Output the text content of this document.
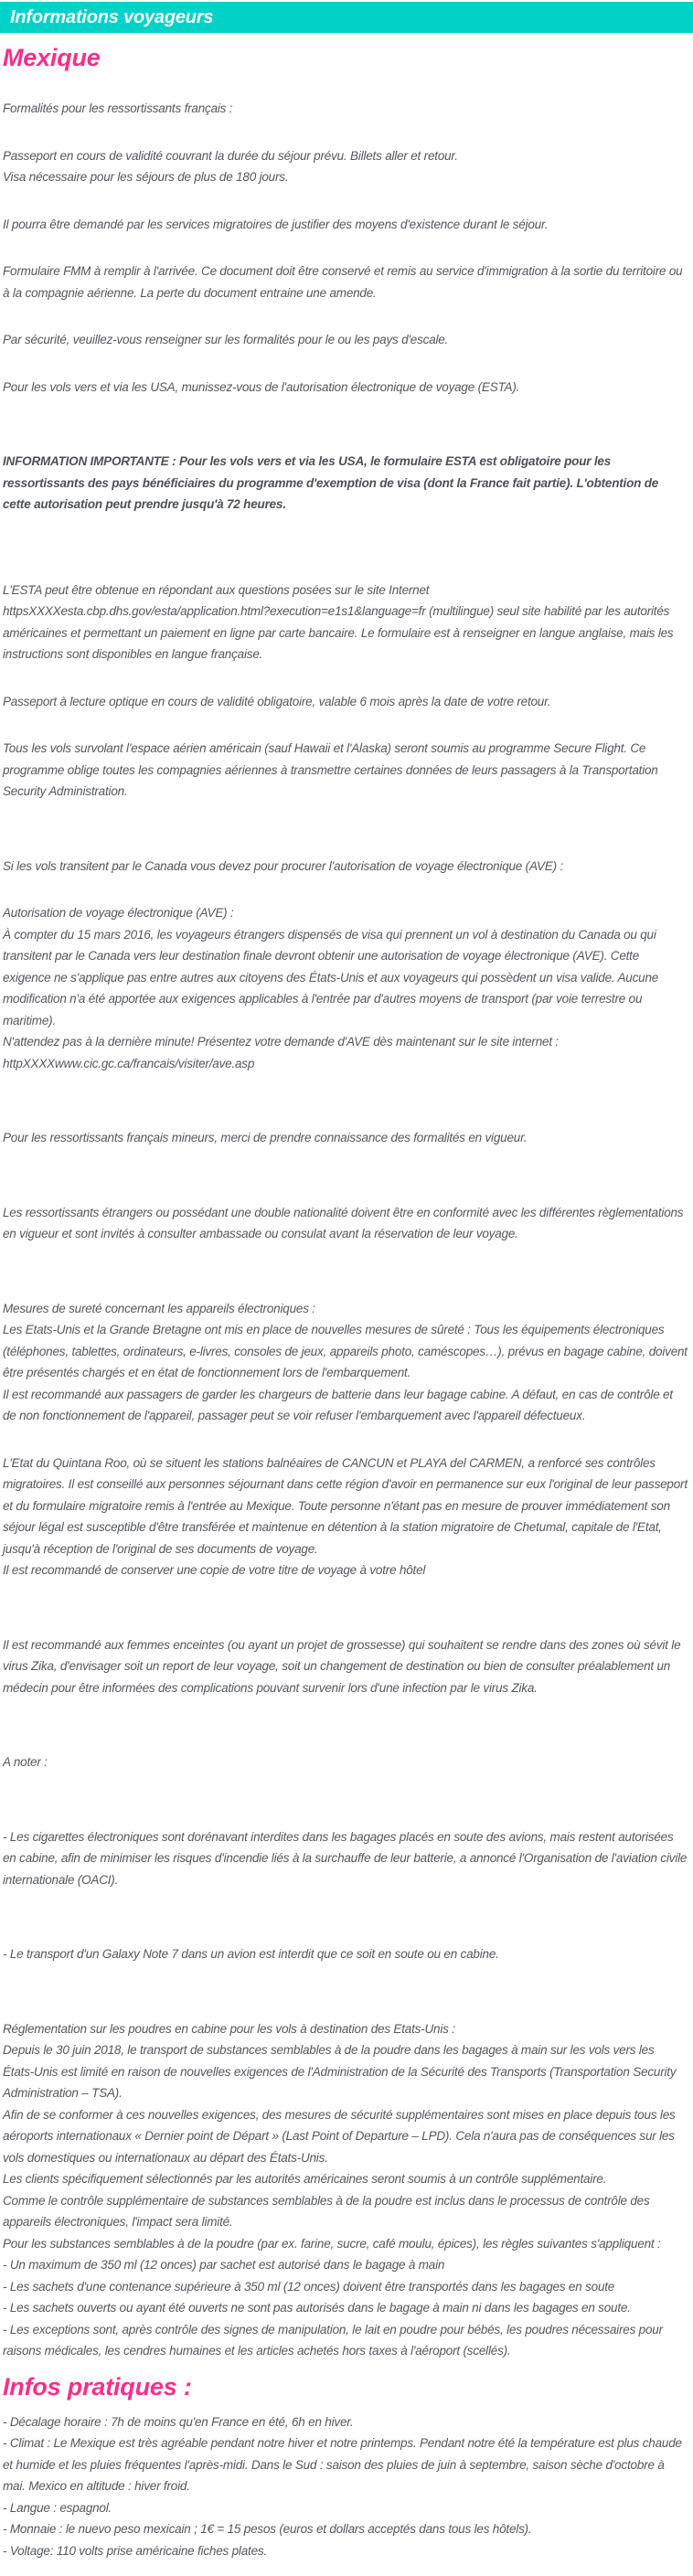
Informations voyageurs
Mexique

Formalités pour les ressortissants français :

Passeport en cours de validité couvrant la durée du séjour prévu. Billets aller et retour.
Visa nécessaire pour les séjours de plus de 180 jours.

Il pourra être demandé par les services migratoires de justifier des moyens d'existence durant le séjour.

Formulaire FMM à remplir à l'arrivée. Ce document doit être conservé et remis au service d'immigration à la sortie du territoire ou à la compagnie aérienne. La perte du document entraine une amende.

Par sécurité, veuillez-vous renseigner sur les formalités pour le ou les pays d'escale.

Pour les vols vers et via les USA, munissez-vous de l'autorisation électronique de voyage (ESTA).

INFORMATION IMPORTANTE : Pour les vols vers et via les USA, le formulaire ESTA est obligatoire pour les ressortissants des pays bénéficiaires du programme d'exemption de visa (dont la France fait partie). L'obtention de cette autorisation peut prendre jusqu'à 72 heures.

L'ESTA peut être obtenue en répondant aux questions posées sur le site Internet httpsXXXXesta.cbp.dhs.gov/esta/application.html?execution=e1s1&language=fr (multilingue) seul site habilité par les autorités américaines et permettant un paiement en ligne par carte bancaire. Le formulaire est à renseigner en langue anglaise, mais les instructions sont disponibles en langue française.

Passeport à lecture optique en cours de validité obligatoire, valable 6 mois après la date de votre retour.

Tous les vols survolant l'espace aérien américain (sauf Hawaii et l'Alaska) seront soumis au programme Secure Flight. Ce programme oblige toutes les compagnies aériennes à transmettre certaines données de leurs passagers à la Transportation Security Administration.

Si les vols transitent par le Canada vous devez pour procurer l'autorisation de voyage électronique (AVE) :

Autorisation de voyage électronique (AVE) :
À compter du 15 mars 2016, les voyageurs étrangers dispensés de visa qui prennent un vol à destination du Canada ou qui transitent par le Canada vers leur destination finale devront obtenir une autorisation de voyage électronique (AVE). Cette exigence ne s'applique pas entre autres aux citoyens des États-Unis et aux voyageurs qui possèdent un visa valide. Aucune modification n'a été apportée aux exigences applicables à l'entrée par d'autres moyens de transport (par voie terrestre ou maritime).
N'attendez pas à la dernière minute! Présentez votre demande d'AVE dès maintenant sur le site internet : httpXXXXwww.cic.gc.ca/francais/visiter/ave.asp

Pour les ressortissants français mineurs, merci de prendre connaissance des formalités en vigueur.

Les ressortissants étrangers ou possédant une double nationalité doivent être en conformité avec les différentes règlementations en vigueur et sont invités à consulter ambassade ou consulat avant la réservation de leur voyage.

Mesures de sureté concernant les appareils électroniques :
Les Etats-Unis et la Grande Bretagne ont mis en place de nouvelles mesures de sûreté : Tous les équipements électroniques (téléphones, tablettes, ordinateurs, e-livres, consoles de jeux, appareils photo, caméscopes…), prévus en bagage cabine, doivent être présentés chargés et en état de fonctionnement lors de l'embarquement.
Il est recommandé aux passagers de garder les chargeurs de batterie dans leur bagage cabine. A défaut, en cas de contrôle et de non fonctionnement de l'appareil, passager peut se voir refuser l'embarquement avec l'appareil défectueux.

L'Etat du Quintana Roo, où se situent les stations balnéaires de CANCUN et PLAYA del CARMEN, a renforcé ses contrôles migratoires. Il est conseillé aux personnes séjournant dans cette région d'avoir en permanence sur eux l'original de leur passeport et du formulaire migratoire remis à l'entrée au Mexique. Toute personne n'étant pas en mesure de prouver immédiatement son séjour légal est susceptible d'être transférée et maintenue en détention à la station migratoire de Chetumal, capitale de l'Etat, jusqu'à réception de l'original de ses documents de voyage.
Il est recommandé de conserver une copie de votre titre de voyage à votre hôtel

Il est recommandé aux femmes enceintes (ou ayant un projet de grossesse) qui souhaitent se rendre dans des zones où sévit le virus Zika, d'envisager soit un report de leur voyage, soit un changement de destination ou bien de consulter préalablement un médecin pour être informées des complications pouvant survenir lors d'une infection par le virus Zika.

A noter :

- Les cigarettes électroniques sont dorénavant interdites dans les bagages placés en soute des avions, mais restent autorisées en cabine, afin de minimiser les risques d'incendie liés à la surchauffe de leur batterie, a annoncé l'Organisation de l'aviation civile internationale (OACI).

- Le transport d'un Galaxy Note 7 dans un avion est interdit que ce soit en soute ou en cabine.

Réglementation sur les poudres en cabine pour les vols à destination des Etats-Unis :
Depuis le 30 juin 2018, le transport de substances semblables à de la poudre dans les bagages à main sur les vols vers les États-Unis est limité en raison de nouvelles exigences de l'Administration de la Sécurité des Transports (Transportation Security Administration – TSA).
Afin de se conformer à ces nouvelles exigences, des mesures de sécurité supplémentaires sont mises en place depuis tous les aéroports internationaux « Dernier point de Départ » (Last Point of Departure – LPD). Cela n'aura pas de conséquences sur les vols domestiques ou internationaux au départ des États-Unis.
Les clients spécifiquement sélectionnés par les autorités américaines seront soumis à un contrôle supplémentaire.
Comme le contrôle supplémentaire de substances semblables à de la poudre est inclus dans le processus de contrôle des appareils électroniques, l'impact sera limité.
Pour les substances semblables à de la poudre (par ex. farine, sucre, café moulu, épices), les règles suivantes s'appliquent :
- Un maximum de 350 ml (12 onces) par sachet est autorisé dans le bagage à main
- Les sachets d'une contenance supérieure à 350 ml (12 onces) doivent être transportés dans les bagages en soute
- Les sachets ouverts ou ayant été ouverts ne sont pas autorisés dans le bagage à main ni dans les bagages en soute.
- Les exceptions sont, après contrôle des signes de manipulation, le lait en poudre pour bébés, les poudres nécessaires pour raisons médicales, les cendres humaines et les articles achetés hors taxes à l'aéroport (scellés).

Infos pratiques :

- Décalage horaire : 7h de moins qu'en France en été, 6h en hiver.
- Climat : Le Mexique est très agréable pendant notre hiver et notre printemps. Pendant notre été la température est plus chaude et humide et les pluies fréquentes l'après-midi. Dans le Sud : saison des pluies de juin à septembre, saison sèche d'octobre à mai. Mexico en altitude : hiver froid.
- Langue : espagnol.
- Monnaie : le nuevo peso mexicain ; 1€ = 15 pesos (euros et dollars acceptés dans tous les hôtels).
- Voltage: 110 volts prise américaine fiches plates.
